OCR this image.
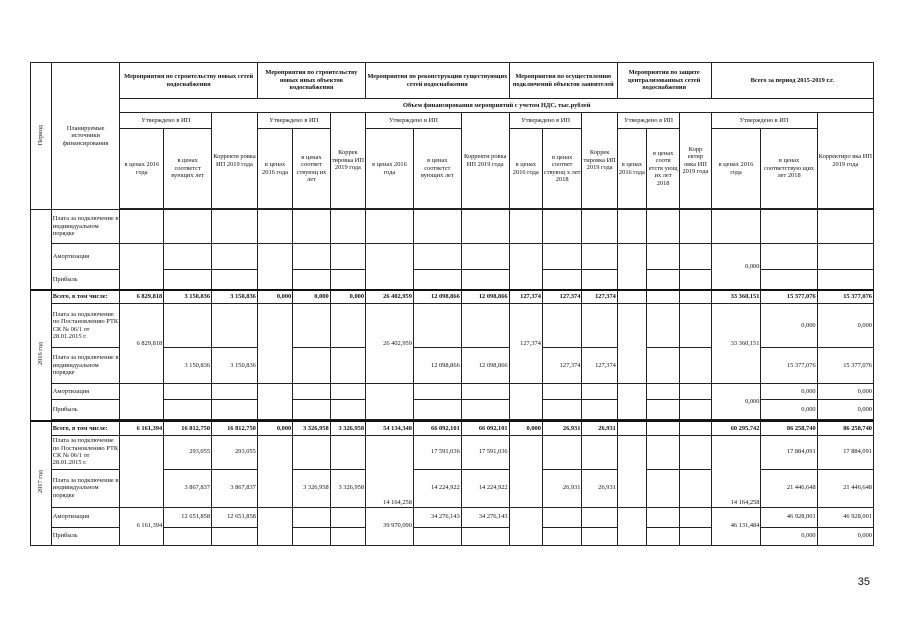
Период	Планируемые источники финансирования	Мероприятия по строительству новых сетей водоснабжения			Мероприятия по строительству новых иных объектов водоснабжения			Мероприятия по реконструкции существующих сетей водоснабжения			Мероприятия по осуществлению подключений объектов заявителей			Мероприятия по защите централизованных сетей водоснабжения			Всего за период 2015-2019 г.г.		
		Объем финансирования мероприятий с учетом НДС, тыс.рублей																	
		Утверждено в ИП		Корректи ровка ИП 2019 года	Утверждено в ИП		Коррек тировка ИП 2019 года	Утверждено в ИП		Корректи ровка ИП 2019 года	Утверждено в ИП		Коррек тировка ИП 2019 года	Утверждено в ИП		Корр ектир овка ИП 2019 года	Утверждено в ИП		Корректиро вка ИП 2019 года
		в ценах 2016 года	в ценах соответст вующих лет		в ценах 2016 года	в ценах соответ ствующ их лет		в ценах 2016 года	в ценах соответст вующих лет		в ценах 2016 года	в ценах соответ ствующ х лет 2018		в ценах 2016 года	в ценах соотв етств ующ их лет 2018		в ценах 2016 года	в ценах соответствую щих лет 2018	

	Плата за подключение в индивидуальном порядке																		
	Амортизация																0,000		
	Прибыль																		
2016 год	Всего, в том числе:	6 829,818	3 150,836	3 150,836	0,000	0,000	0,000	26 402,959	12 098,866	12 098,866	127,374	127,374	127,374				33 360,151	15 377,076	15 377,076
	Плата за подключение по Постановлению РТК СК № 06/1 от 28.01.2015 г.	6 829,818						26 402,959			127,374						33 360,151	0,000	0,000
	Плата за подключение в индивидуальном порядке		3 150,836	3 150,836					12 098,866	12 098,866		127,374	127,374					15 377,076	15 377,076
	Амортизация																0,000	0,000	0,000
	Прибыль																	0,000	0,000

2017 год	Всего, в том числе:	6 161,394	16 812,750	16 812,750	0,000	3 326,958	3 326,958	54 134,348	66 092,101	66 092,101	0,000	26,931	26,931				60 295,742	86 258,740	86 258,740
	Плата за подключение по Постановлению РТК СК № 06/1 от 28.01.2015 г.		293,055	293,055				14 164,258	17 591,036	17 591,036							14 164,258	17 884,091	17 884,091
	Плата за подключение в индивидуальном порядке		3 867,837	3 867,837		3 326,958	3 326,958		14 224,922	14 224,922		26,931	26,931					21 446,648	21 446,648
	Амортизация	6 161,394	12 651,858	12 651,858				39 970,090	34 276,143	34 276,143							46 131,484	46 928,001	46 928,001
	Прибыль																	0,000	0,000
35
